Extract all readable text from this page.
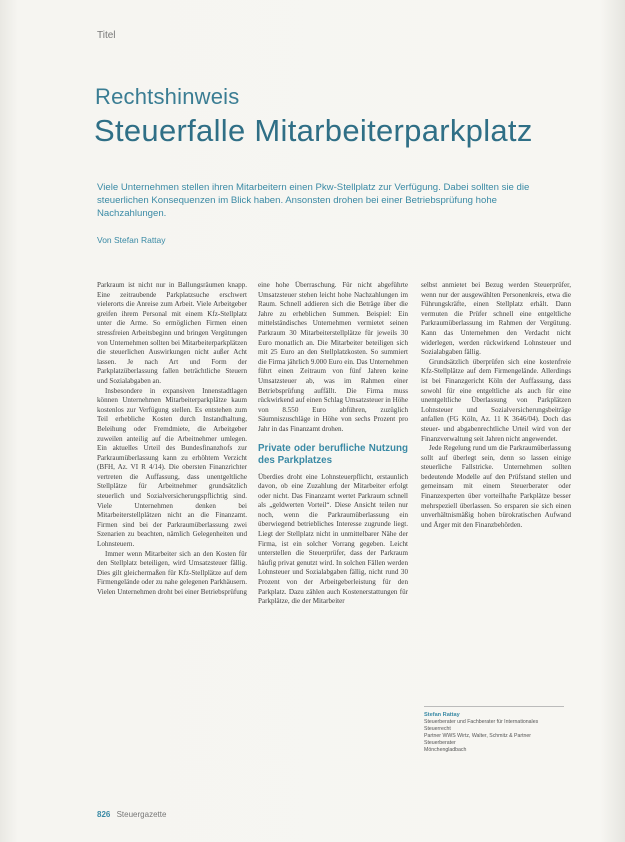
Titel
Rechtshinweis
Steuerfalle Mitarbeiterparkplatz
Viele Unternehmen stellen ihren Mitarbeitern einen Pkw-Stellplatz zur Verfügung. Dabei sollten sie die steuerlichen Konsequenzen im Blick haben. Ansonsten drohen bei einer Betriebsprüfung hohe Nachzahlungen.
Von Stefan Rattay

Parkraum ist nicht nur in Ballungsräumen knapp. Eine zeitraubende Parkplatzsuche erschwert vielerorts die Anreise zum Arbeit. Viele Arbeitgeber greifen ihrem Personal mit einem Kfz-Stellplatz unter die Arme. So ermöglichen Firmen einen stressfreien Arbeitsbeginn und bringen Vergütungen von Unternehmen sollten bei Mitarbeiterparkplätzen die steuerlichen Auswirkungen nicht außer Acht lassen. Je nach Art und Form der Parkplatzüberlassung fallen beträchtliche Steuern und Sozialabgaben an.

Insbesondere in expansiven Innenstadtlagen können Unternehmen Mitarbeiterparkplätze kaum kostenlos zur Verfügung stellen. Es entstehen zum Teil erhebliche Kosten durch Instandhaltung, Beleihung oder Fremdmiete, die Arbeitgeber zuweilen anteilig auf die Arbeitnehmer umlegen. Ein aktuelles Urteil des Bundesfinanzhofs zur Parkraumüberlassung kann zu erhöhtem Verzicht (BFH, Az. VI R 4/14). Die obersten Finanzrichter vertreten die Auffassung, dass unentgeltliche Stellplätze für Arbeitnehmer grundsätzlich steuerlich und Sozialversicherungspflichtig sind. Viele Unternehmen denken bei Mitarbeiterstellplätzen nicht an die Finanzamt. Firmen sind bei der Parkraumüberlassung zwei Szenarien zu beachten, nämlich Gelegenheiten und Lohnsteuern.

Immer wenn Mitarbeiter sich an den Kosten für den Stellplatz beteiligen, wird Umsatzsteuer fällig. Dies gilt gleichermaßen für Kfz-Stellplätze auf dem Firmengelände oder zu nahe gelegenen Parkhäusern. Vielen Unternehmen droht bei einer Betriebsprüfung

eine hohe Überraschung. Für nicht abgeführte Umsatzsteuer stehen leicht hohe Nachzahlungen im Raum. Schnell addieren sich die Beträge über die Jahre zu erheblichen Summen. Beispiel: Ein mittelständisches Unternehmen vermietet seinen Parkraum 30 Mitarbeiterstellplätze für jeweils 30 Euro monatlich an. Die Mitarbeiter beteiligen sich mit 25 Euro an den Stellplatzkosten. So summiert die Firma jährlich 9.000 Euro ein. Das Unternehmen führt einen Zeitraum von fünf Jahren keine Umsatzsteuer ab, was im Rahmen einer Betriebsprüfung auffällt. Die Firma muss rückwirkend auf einen Schlag Umsatzsteuer in Höhe von 8.550 Euro abführen, zuzüglich Säumniszuschläge in Höhe von sechs Prozent pro Jahr in das Finanzamt drohen.

Private oder berufliche Nutzung des Parkplatzes

Überdies droht eine Lohnsteuerpflicht, erstaunlich davon, ob eine Zuzahlung der Mitarbeiter erfolgt oder nicht. Das Finanzamt wertet Parkraum schnell als „geldwerten Vorteil“. Diese Ansicht teilen nur noch, wenn die Parkraumüberlassung ein überwiegend betriebliches Interesse zugrunde liegt. Liegt der Stellplatz nicht in unmittelbarer Nähe der Firma, ist ein solcher Vorrang gegeben. Leicht unterstellen die Steuerprüfer, dass der Parkraum häufig privat genutzt wird. In solchen Fällen werden Lohnsteuer und Sozialabgaben fällig, nicht rund 30 Prozent von der Arbeitgeberleistung für den Parkplatz. Dazu zählen auch Kostenerstattungen für Parkplätze, die der Mitarbeiter

selbst anmietet bei Bezug werden Steuerprüfer, wenn nur der ausgewählten Personenkreis, etwa die Führungskräfte, einen Stellplatz erhält. Dann vermuten die Prüfer schnell eine entgeltliche Parkraumüberlassung im Rahmen der Vergütung. Kann das Unternehmen den Verdacht nicht widerlegen, werden rückwirkend Lohnsteuer und Sozialabgaben fällig.

Grundsätzlich überprüfen sich eine kostenfreie Kfz-Stellplätze auf dem Firmengelände. Allerdings ist bei Finanzgericht Köln der Auffassung, dass sowohl für eine entgeltliche als auch für eine unentgeltliche Überlassung von Parkplätzen Lohnsteuer und Sozialversicherungsbeiträge anfallen (FG Köln, Az. 11 K 3646/04). Doch das steuer- und abgabenrechtliche Urteil wird von der Finanzverwaltung seit Jahren nicht angewendet.

Jede Regelung rund um die Parkraumüberlassung sollt auf überlegt sein, denn so lassen einige steuerliche Fallstricke. Unternehmen sollten bedeutende Modelle auf den Prüfstand stellen und gemeinsam mit einem Steuerberater oder Finanzexperten über vorteilhafte Parkplätze besser mehrspeziell überlassen. So ersparen sie sich einen unverhältnismäßig hohen bürokratischen Aufwand und Ärger mit den Finanzbehörden.

Stefan Rattay
Steuerberater und Fachberater für Internationales Steuerrecht
Partner WWS Wirtz, Walter, Schmitz & Partner
Steuerberater
Mönchengladbach
826 Steuergazette
